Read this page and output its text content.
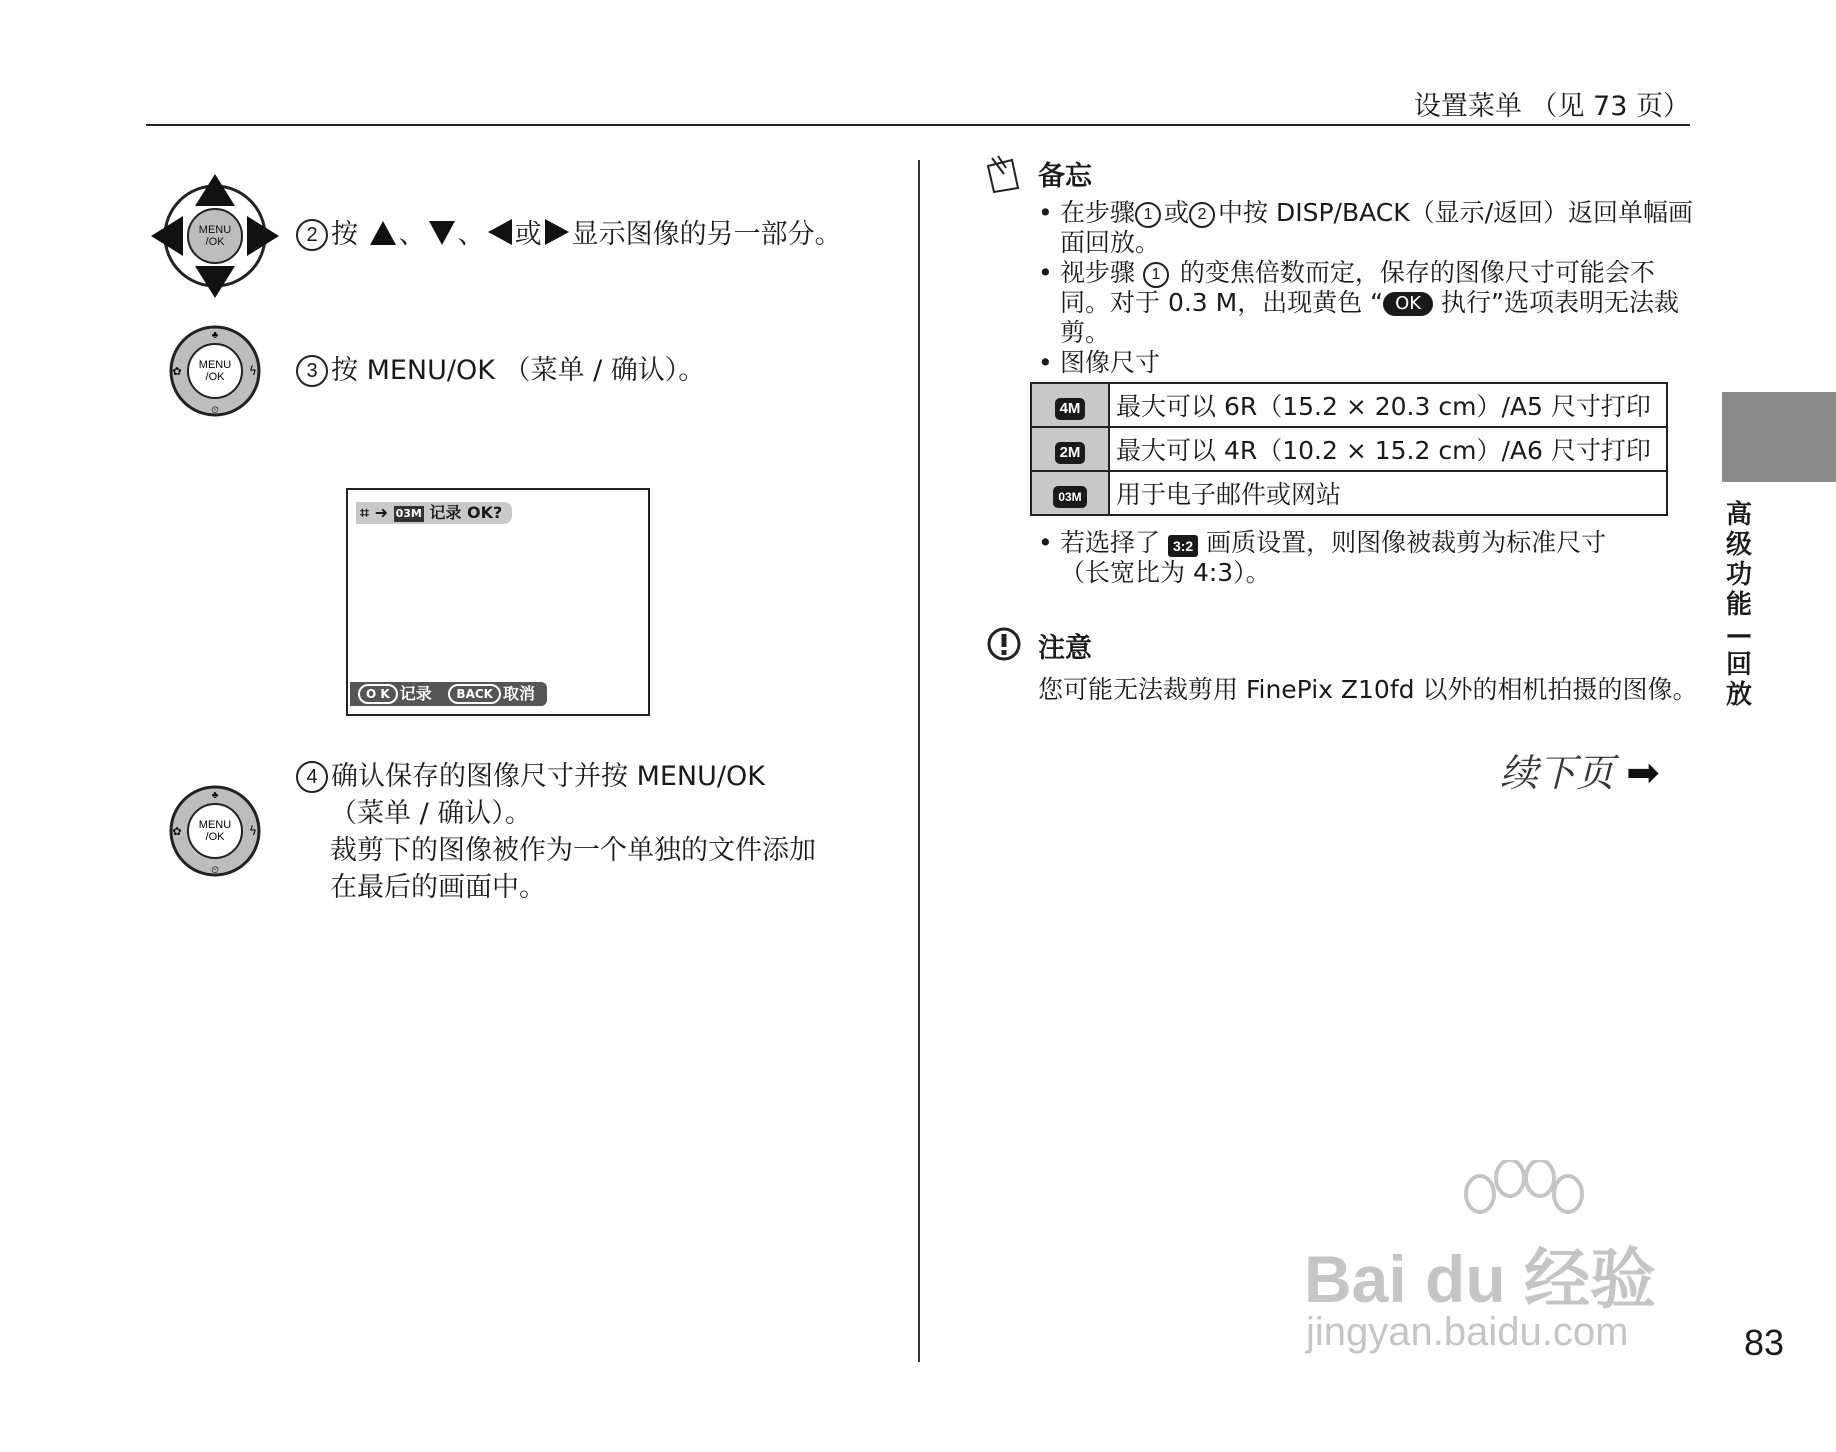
设置菜单 （见 73 页）
MENU
/OK	2 按 、 、 或 显示图像的另一部分。
MENU
/OK
♣
✿	ϟ
⏲
3 按 MENU/OK （菜单 / 确认）。
⌗ ➜ 03M 记录 OK?
O K 记录 BACK 取消
MENU
/OK
♣
✿	ϟ
⏲
4 确认保存的图像尺寸并按 MENU/OK
（菜单 / 确认）。
裁剪下的图像被作为一个单独的文件添加
在最后的画面中。
备忘
• 在步骤 1 或 2 中按 DISP/BACK（显示/返回）返回单幅画面回放。
• 视步骤 1 的变焦倍数而定，保存的图像尺寸可能会不同。对于 0.3 M，出现黄色 “ OK 执行”选项表明无法裁剪。
• 图像尺寸
4M	最大可以 6R（15.2 × 20.3 cm）/A5 尺寸打印
2M	最大可以 4R（10.2 × 15.2 cm）/A6 尺寸打印
03M	用于电子邮件或网站
• 若选择了 3:2 画质设置，则图像被裁剪为标准尺寸（长宽比为 4:3）。
注意
您可能无法裁剪用 FinePix Z10fd 以外的相机拍摄的图像。
续下页 ➡
高级功能—回放
Bai du 经验
jingyan.baidu.com	83
